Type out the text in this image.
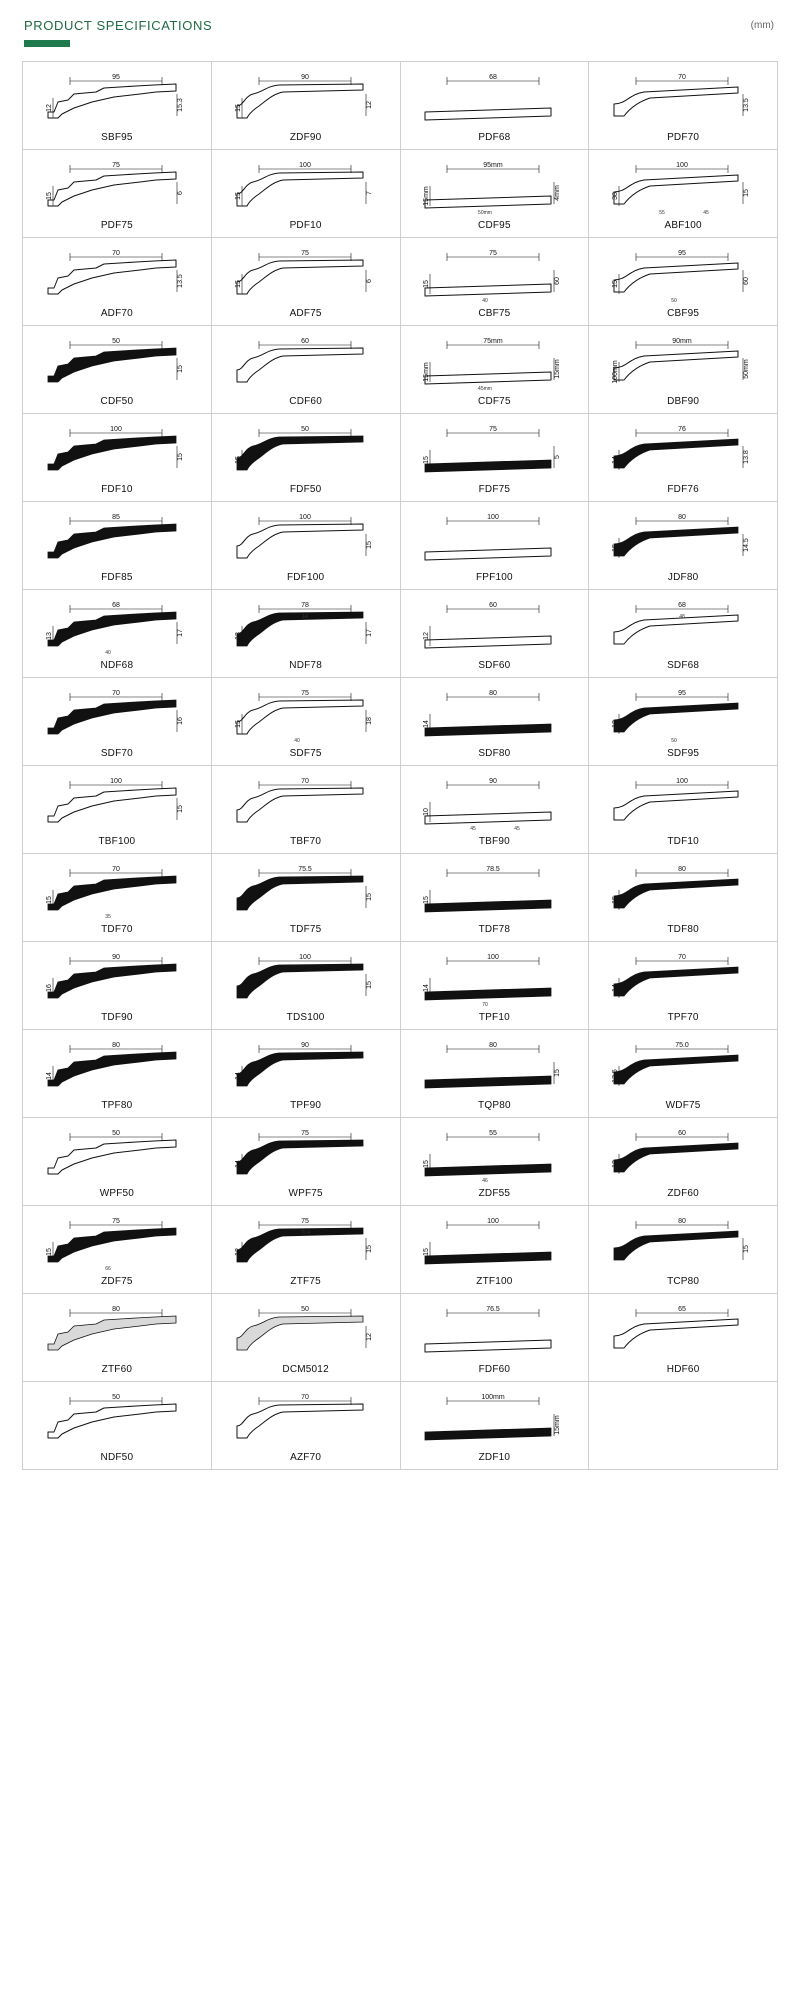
PRODUCT SPECIFICATIONS	(mm)
95
12	15.3
SBF95
90
15	12
ZDF90
68
PDF68
70
13.5
PDF70
75
15	6
PDF75
100
15	7
PDF10
95mm
15mm	4mm
50mm
CDF95
100
38	15
55	45
ABF100
70
13.5
ADF70
75
15	6
ADF75
75
15	60
40
CBF75
95
15	60
50
CBF95
50
15
CDF50
60
CDF60
75mm
15mm	15mm
45mm
CDF75
90mm
100mm	50mm
DBF90
100
15
FDF10
50
15
FDF50
75
15	5
FDF75
76
14	13.8
FDF76
85
FDF85
100
15
FDF100
100
FPF100
80
15	14.5
JDF80
68
13	17
40
NDF68
78
13	17
14
NDF78
60
12
SDF60
68
48
SDF68
70
16
SDF70
75
15	18
40
SDF75
80
14
SDF80
95
12
50
SDF95
100
15
TBF100
70
TBF70
90
10
45	45
TBF90
100
TDF10
70
15
35
TDF70
75.5
15
TDF75
78.5
15
TDF78
80
15
TDF80
90
16
TDF90
100
15
TDS100
100
14
70
TPF10
70
14
TPF70
80
14
TPF80
90
14
TPF90
80
15
TQP80
75.0
13.5
WDF75
50
WPF50
75
14
WPF75
55
15
46
ZDF55
60
12
ZDF60
75
15
66
ZDF75
75
12	15
70.4
ZTF75
100
15
ZTF100
80
15
TCP80
80
ZTF60
50
12
DCM5012
76.5
FDF60
65
HDF60
50
NDF50
70
AZF70
100mm
15mm
ZDF10
